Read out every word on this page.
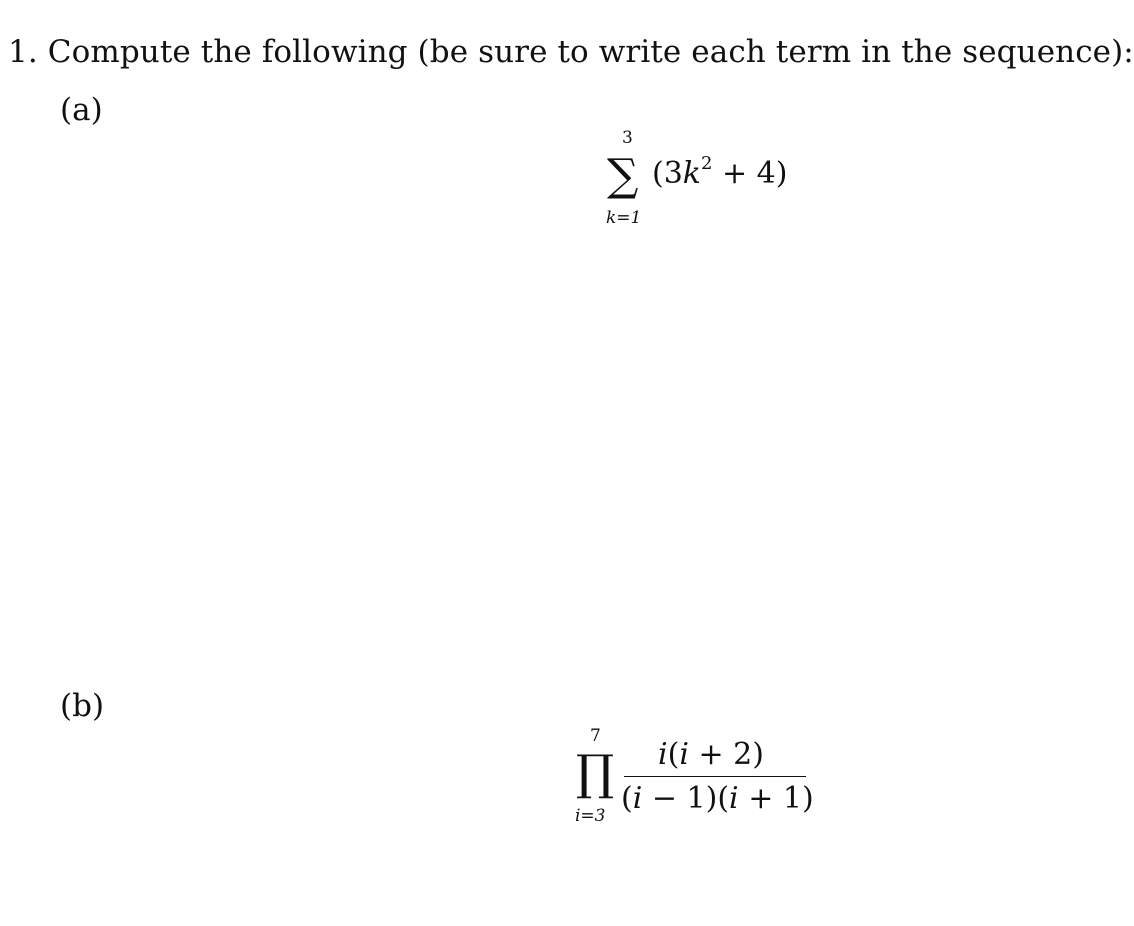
1. Compute the following (be sure to write each term in the sequence):
(a)
3
∑
k=1
$(3k^2 + 4)$
(b)
7
∏
i=3
i(i + 2)
(i − 1)(i + 1)
